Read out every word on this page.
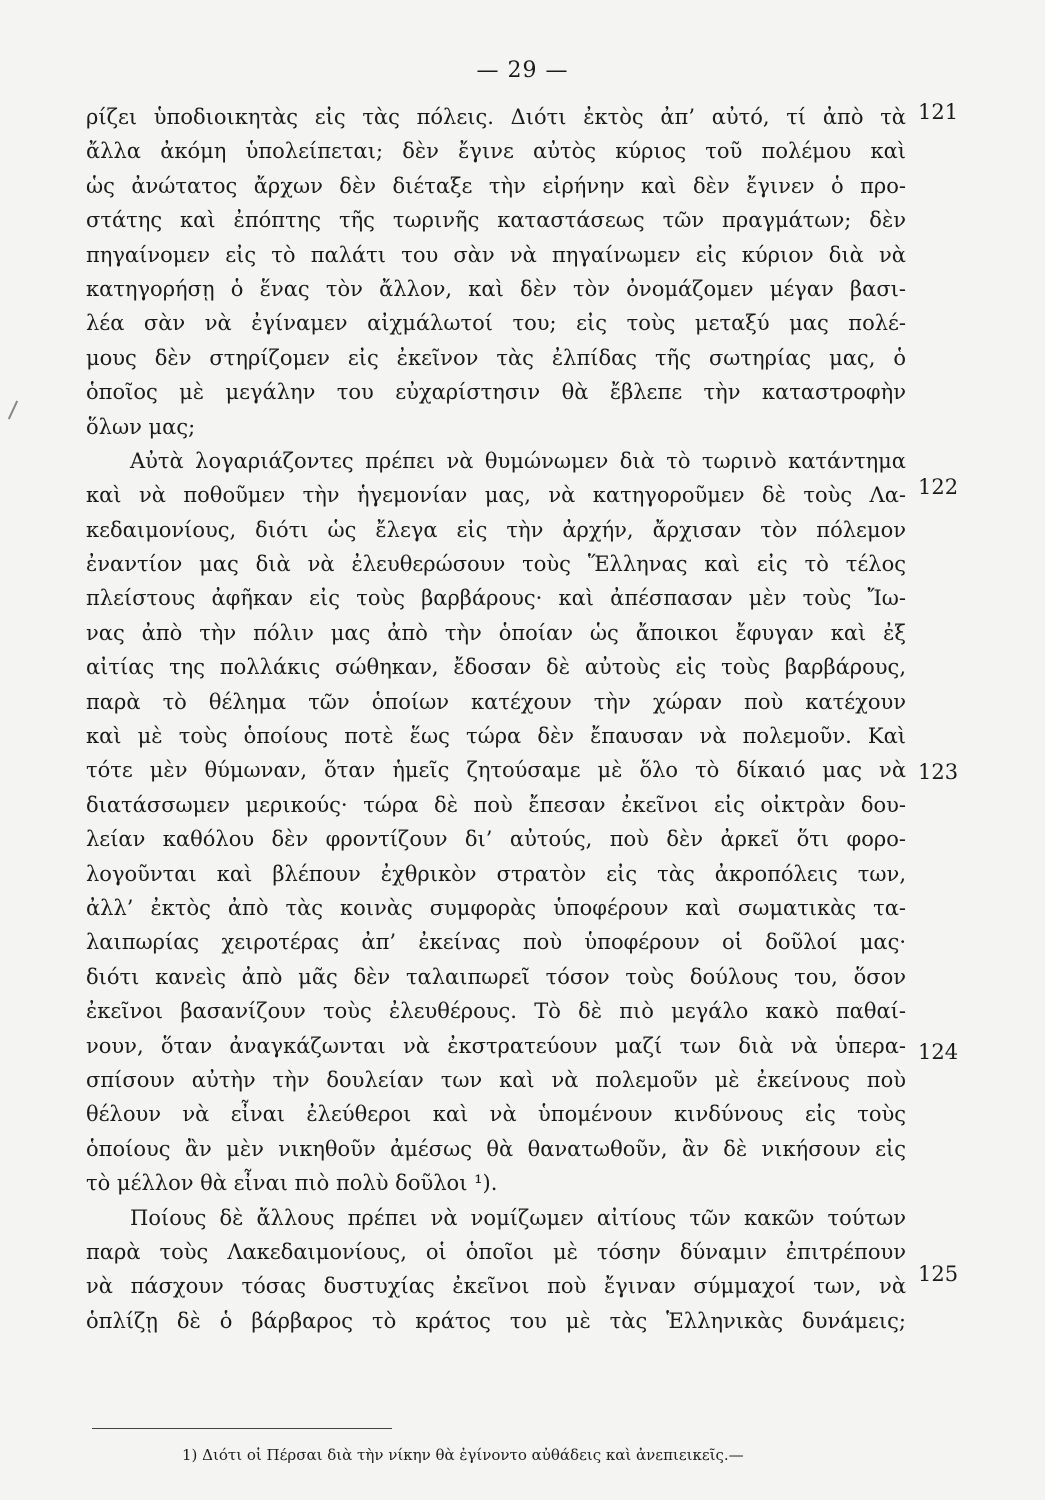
— 29 —
ρίζει ὑποδιοικητὰς εἰς τὰς πόλεις. Διότι ἐκτὸς ἀπ’ αὐτό, τί ἀπὸ τὰ
ἄλλα ἀκόμη ὑπολείπεται; δὲν ἔγινε αὐτὸς κύριος τοῦ πολέμου καὶ
ὡς ἀνώτατος ἄρχων δὲν διέταξε τὴν εἰρήνην καὶ δὲν ἔγινεν ὁ προ-
στάτης καὶ ἐπόπτης τῆς τωρινῆς καταστάσεως τῶν πραγμάτων; δὲν
πηγαίνομεν εἰς τὸ παλάτι του σὰν νὰ πηγαίνωμεν εἰς κύριον διὰ νὰ
κατηγορήσῃ ὁ ἕνας τὸν ἄλλον, καὶ δὲν τὸν ὀνομάζομεν μέγαν βασι-
λέα σὰν νὰ ἐγίναμεν αἰχμάλωτοί του; εἰς τοὺς μεταξύ μας πολέ-
μους δὲν στηρίζομεν εἰς ἐκεῖνον τὰς ἐλπίδας τῆς σωτηρίας μας, ὁ
ὁποῖος μὲ μεγάλην του εὐχαρίστησιν θὰ ἔβλεπε τὴν καταστροφὴν
ὅλων μας;
Αὐτὰ λογαριάζοντες πρέπει νὰ θυμώνωμεν διὰ τὸ τωρινὸ κατάντημα
καὶ νὰ ποθοῦμεν τὴν ἡγεμονίαν μας, νὰ κατηγοροῦμεν δὲ τοὺς Λα-
κεδαιμονίους, διότι ὡς ἔλεγα εἰς τὴν ἀρχήν, ἄρχισαν τὸν πόλεμον
ἐναντίον μας διὰ νὰ ἐλευθερώσουν τοὺς Ἕλληνας καὶ εἰς τὸ τέλος
πλείστους ἀφῆκαν εἰς τοὺς βαρβάρους· καὶ ἀπέσπασαν μὲν τοὺς Ἴω-
νας ἀπὸ τὴν πόλιν μας ἀπὸ τὴν ὁποίαν ὡς ἄποικοι ἔφυγαν καὶ ἐξ
αἰτίας της πολλάκις σώθηκαν, ἔδοσαν δὲ αὐτοὺς εἰς τοὺς βαρβάρους,
παρὰ τὸ θέλημα τῶν ὁποίων κατέχουν τὴν χώραν ποὺ κατέχουν
καὶ μὲ τοὺς ὁποίους ποτὲ ἕως τώρα δὲν ἔπαυσαν νὰ πολεμοῦν. Καὶ
τότε μὲν θύμωναν, ὅταν ἡμεῖς ζητούσαμε μὲ ὅλο τὸ δίκαιό μας νὰ
διατάσσωμεν μερικούς· τώρα δὲ ποὺ ἔπεσαν ἐκεῖνοι εἰς οἰκτρὰν δου-
λείαν καθόλου δὲν φροντίζουν δι’ αὐτούς, ποὺ δὲν ἀρκεῖ ὅτι φορο-
λογοῦνται καὶ βλέπουν ἐχθρικὸν στρατὸν εἰς τὰς ἀκροπόλεις των,
ἀλλ’ ἐκτὸς ἀπὸ τὰς κοινὰς συμφορὰς ὑποφέρουν καὶ σωματικὰς τα-
λαιπωρίας χειροτέρας ἀπ’ ἐκείνας ποὺ ὑποφέρουν οἱ δοῦλοί μας·
διότι κανεὶς ἀπὸ μᾶς δὲν ταλαιπωρεῖ τόσον τοὺς δούλους του, ὅσον
ἐκεῖνοι βασανίζουν τοὺς ἐλευθέρους. Τὸ δὲ πιὸ μεγάλο κακὸ παθαί-
νουν, ὅταν ἀναγκάζωνται νὰ ἐκστρατεύουν μαζί των διὰ νὰ ὑπερα-
σπίσουν αὐτὴν τὴν δουλείαν των καὶ νὰ πολεμοῦν μὲ ἐκείνους ποὺ
θέλουν νὰ εἶναι ἐλεύθεροι καὶ νὰ ὑπομένουν κινδύνους εἰς τοὺς
ὁποίους ἂν μὲν νικηθοῦν ἀμέσως θὰ θανατωθοῦν, ἂν δὲ νικήσουν εἰς
τὸ μέλλον θὰ εἶναι πιὸ πολὺ δοῦλοι ¹).
Ποίους δὲ ἄλλους πρέπει νὰ νομίζωμεν αἰτίους τῶν κακῶν τούτων
παρὰ τοὺς Λακεδαιμονίους, οἱ ὁποῖοι μὲ τόσην δύναμιν ἐπιτρέπουν
νὰ πάσχουν τόσας δυστυχίας ἐκεῖνοι ποὺ ἔγιναν σύμμαχοί των, νὰ
ὁπλίζῃ δὲ ὁ βάρβαρος τὸ κράτος του μὲ τὰς Ἑλληνικὰς δυνάμεις;
121
122
123
124
125
1) Διότι οἱ Πέρσαι διὰ τὴν νίκην θὰ ἐγίνοντο αὐθάδεις καὶ ἀνεπιεικεῖς.—
